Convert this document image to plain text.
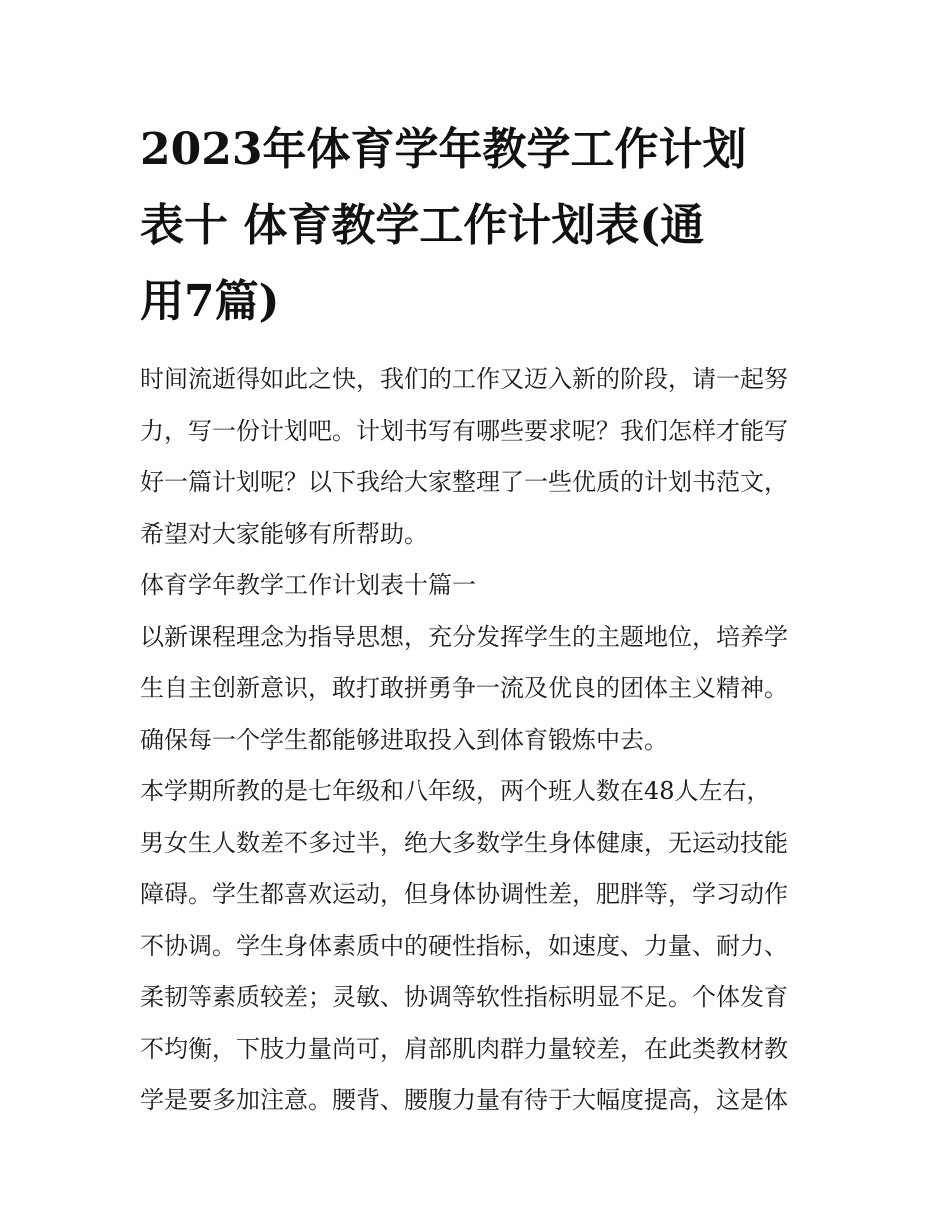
2023年体育学年教学工作计划
表十 体育教学工作计划表(通
用7篇)
时间流逝得如此之快，我们的工作又迈入新的阶段，请一起努
力，写一份计划吧。计划书写有哪些要求呢？我们怎样才能写
好一篇计划呢？以下我给大家整理了一些优质的计划书范文，
希望对大家能够有所帮助。
体育学年教学工作计划表十篇一
以新课程理念为指导思想，充分发挥学生的主题地位，培养学
生自主创新意识，敢打敢拼勇争一流及优良的团体主义精神。
确保每一个学生都能够进取投入到体育锻炼中去。
本学期所教的是七年级和八年级，两个班人数在48人左右，
男女生人数差不多过半，绝大多数学生身体健康，无运动技能
障碍。学生都喜欢运动，但身体协调性差，肥胖等，学习动作
不协调。学生身体素质中的硬性指标，如速度、力量、耐力、
柔韧等素质较差；灵敏、协调等软性指标明显不足。个体发育
不均衡，下肢力量尚可，肩部肌肉群力量较差，在此类教材教
学是要多加注意。腰背、腰腹力量有待于大幅度提高，这是体
